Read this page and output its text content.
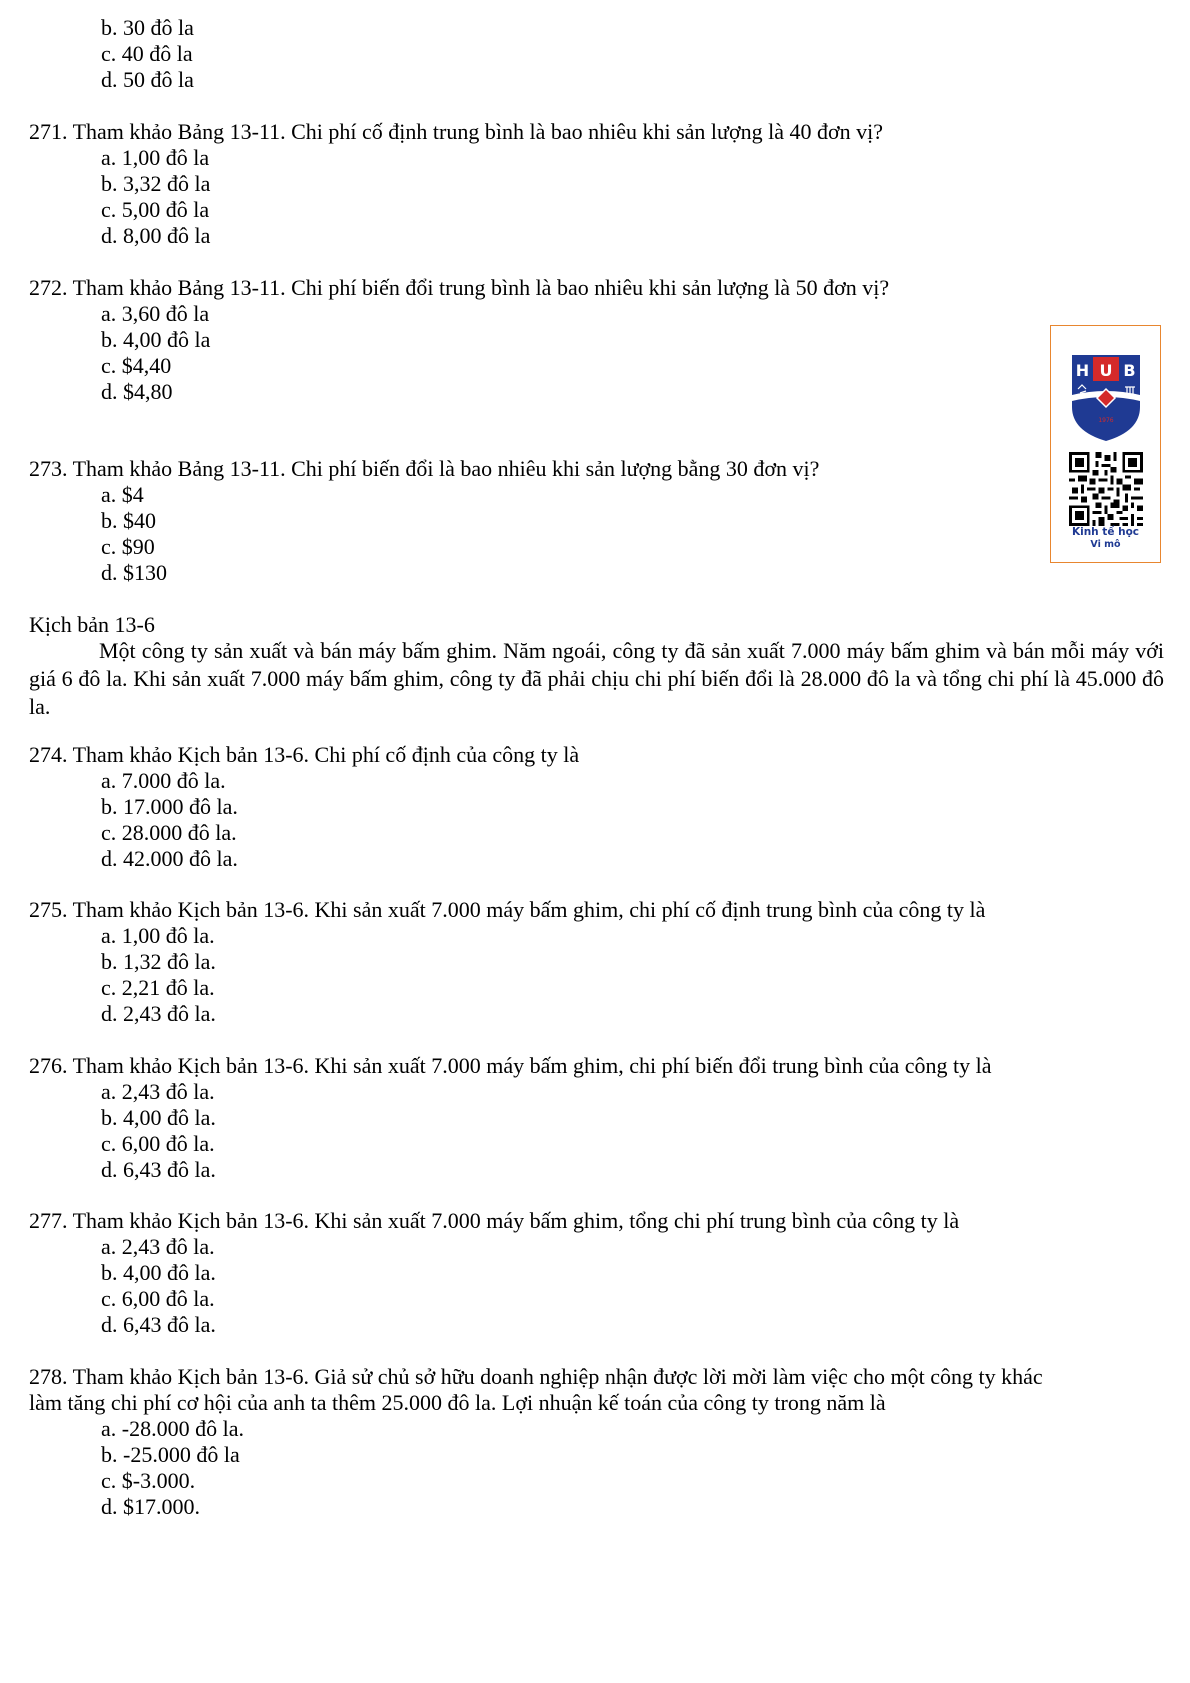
b. 30 đô la
c. 40 đô la
d. 50 đô la
271. Tham khảo Bảng 13-11. Chi phí cố định trung bình là bao nhiêu khi sản lượng là 40 đơn vị?
a. 1,00 đô la
b. 3,32 đô la
c. 5,00 đô la
d. 8,00 đô la
272. Tham khảo Bảng 13-11. Chi phí biến đổi trung bình là bao nhiêu khi sản lượng là 50 đơn vị?
a. 3,60 đô la
b. 4,00 đô la
c. $4,40
d. $4,80
273. Tham khảo Bảng 13-11. Chi phí biến đổi là bao nhiêu khi sản lượng bằng 30 đơn vị?
a. $4
b. $40
c. $90
d. $130
Kịch bản 13-6
Một công ty sản xuất và bán máy bấm ghim. Năm ngoái, công ty đã sản xuất 7.000 máy bấm ghim và bán mỗi máy với giá 6 đô la. Khi sản xuất 7.000 máy bấm ghim, công ty đã phải chịu chi phí biến đổi là 28.000 đô la và tổng chi phí là 45.000 đô la.
274. Tham khảo Kịch bản 13-6. Chi phí cố định của công ty là
a. 7.000 đô la.
b. 17.000 đô la.
c. 28.000 đô la.
d. 42.000 đô la.
275. Tham khảo Kịch bản 13-6. Khi sản xuất 7.000 máy bấm ghim, chi phí cố định trung bình của công ty là
a. 1,00 đô la.
b. 1,32 đô la.
c. 2,21 đô la.
d. 2,43 đô la.
276. Tham khảo Kịch bản 13-6. Khi sản xuất 7.000 máy bấm ghim, chi phí biến đổi trung bình của công ty là
a. 2,43 đô la.
b. 4,00 đô la.
c. 6,00 đô la.
d. 6,43 đô la.
277. Tham khảo Kịch bản 13-6. Khi sản xuất 7.000 máy bấm ghim, tổng chi phí trung bình của công ty là
a. 2,43 đô la.
b. 4,00 đô la.
c. 6,00 đô la.
d. 6,43 đô la.
278. Tham khảo Kịch bản 13-6. Giả sử chủ sở hữu doanh nghiệp nhận được lời mời làm việc cho một công ty khác
làm tăng chi phí cơ hội của anh ta thêm 25.000 đô la. Lợi nhuận kế toán của công ty trong năm là
a. -28.000 đô la.
b. -25.000 đô la
c. $-3.000.
d. $17.000.
H U B
1976
Kinh tế học
Vi mô
